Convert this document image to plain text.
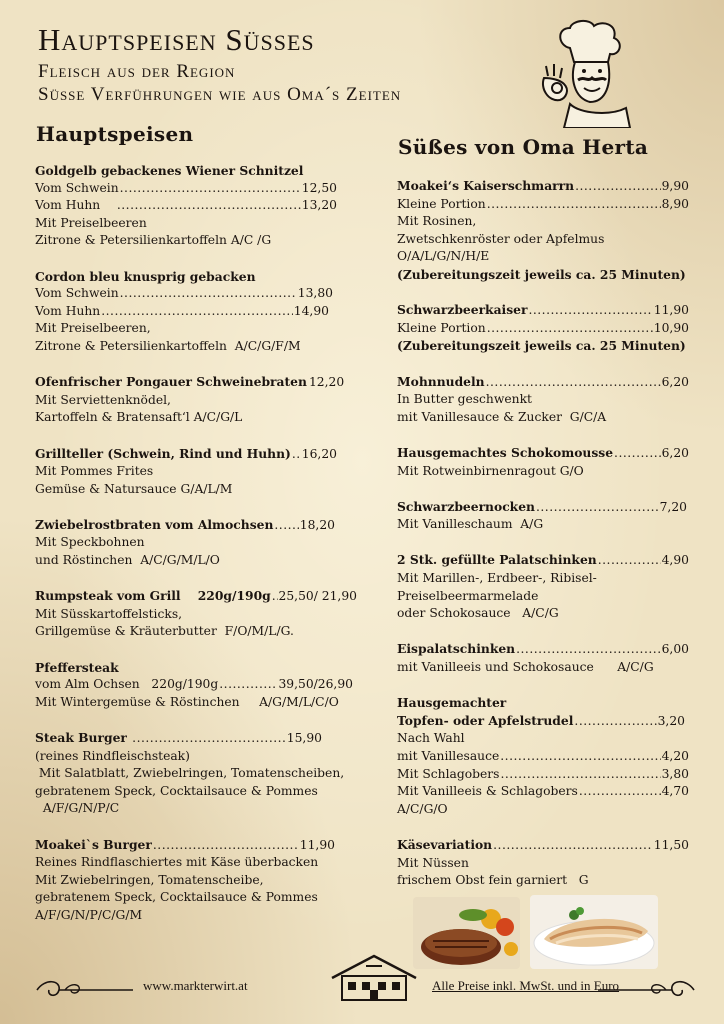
Hauptspeisen Süsses
Fleisch aus der Region
Süsse Verführungen wie aus Oma´s Zeiten
Hauptspeisen
Goldgelb gebackenes Wiener Schnitzel
Vom Schwein .....	12,50
Vom Huhn .....	13,20
Mit Preiselbeeren
Zitrone & Petersilienkartoffeln A/C /G
Cordon bleu knusprig gebacken
Vom Schwein .....	13,80
Vom Huhn .....	14,90
Mit Preiselbeeren,
Zitrone & Petersilienkartoffeln  A/C/G/F/M
Ofenfrischer Pongauer Schweinebraten 12,20
Mit Serviettenknödel,
Kartoffeln & Bratensaft‘l A/C/G/L
Grillteller (Schwein, Rind und Huhn) ..... 16,20
Mit Pommes Frites
Gemüse & Natursauce G/A/L/M
Zwiebelrostbraten vom Almochsen ..... 18,20
Mit Speckbohnen
und Röstinchen  A/C/G/M/L/O
Rumpsteak vom Grill    220g/190g ..... 25,50/ 21,90
Mit Süsskartoffelsticks,
Grillgemüse & Kräuterbutter  F/O/M/L/G.
Pfeffersteak
vom Alm Ochsen   220g/190g .....	39,50/26,90
Mit Wintergemüse & Röstinchen     A/G/M/L/C/O
Steak Burger .....	15,90
(reines Rindfleischsteak)
Mit Salatblatt, Zwiebelringen, Tomatenscheiben,
gebratenem Speck, Cocktailsauce & Pommes
A/F/G/N/P/C
Moakei`s Burger .....	11,90
Reines Rindflaschiertes mit Käse überbacken
Mit Zwiebelringen, Tomatenscheibe,
gebratenem Speck, Cocktailsauce & Pommes
A/F/G/N/P/C/G/M
Süßes von Oma Herta
Moakei‘s Kaiserschmarrn .....	9,90
Kleine Portion .....	8,90
Mit Rosinen,
Zwetschkenröster oder Apfelmus
O/A/L/G/N/H/E
(Zubereitungszeit jeweils ca. 25 Minuten)
Schwarzbeerkaiser .....	11,90
Kleine Portion .....	10,90
(Zubereitungszeit jeweils ca. 25 Minuten)
Mohnnudeln .....	6,20
In Butter geschwenkt
mit Vanillesauce & Zucker  G/C/A
Hausgemachtes Schokomousse .....	6,20
Mit Rotweinbirnenragout G/O
Schwarzbeernocken .....	7,20
Mit Vanilleschaum  A/G
2 Stk. gefüllte Palatschinken .....	4,90
Mit Marillen-, Erdbeer-, Ribisel-
Preiselbeermarmelade
oder Schokosauce   A/C/G
Eispalatschinken .....	6,00
mit Vanilleeis und Schokosauce      A/C/G
Hausgemachter
Topfen- oder Apfelstrudel .....	3,20
Nach Wahl
mit Vanillesauce .....	4,20
Mit Schlagobers .....	3,80
Mit Vanilleeis & Schlagobers .....	4,70
A/C/G/O
Käsevariation .....	11,50
Mit Nüssen
frischem Obst fein garniert   G
www.markterwirt.at	Alle Preise inkl. MwSt. und in Euro
